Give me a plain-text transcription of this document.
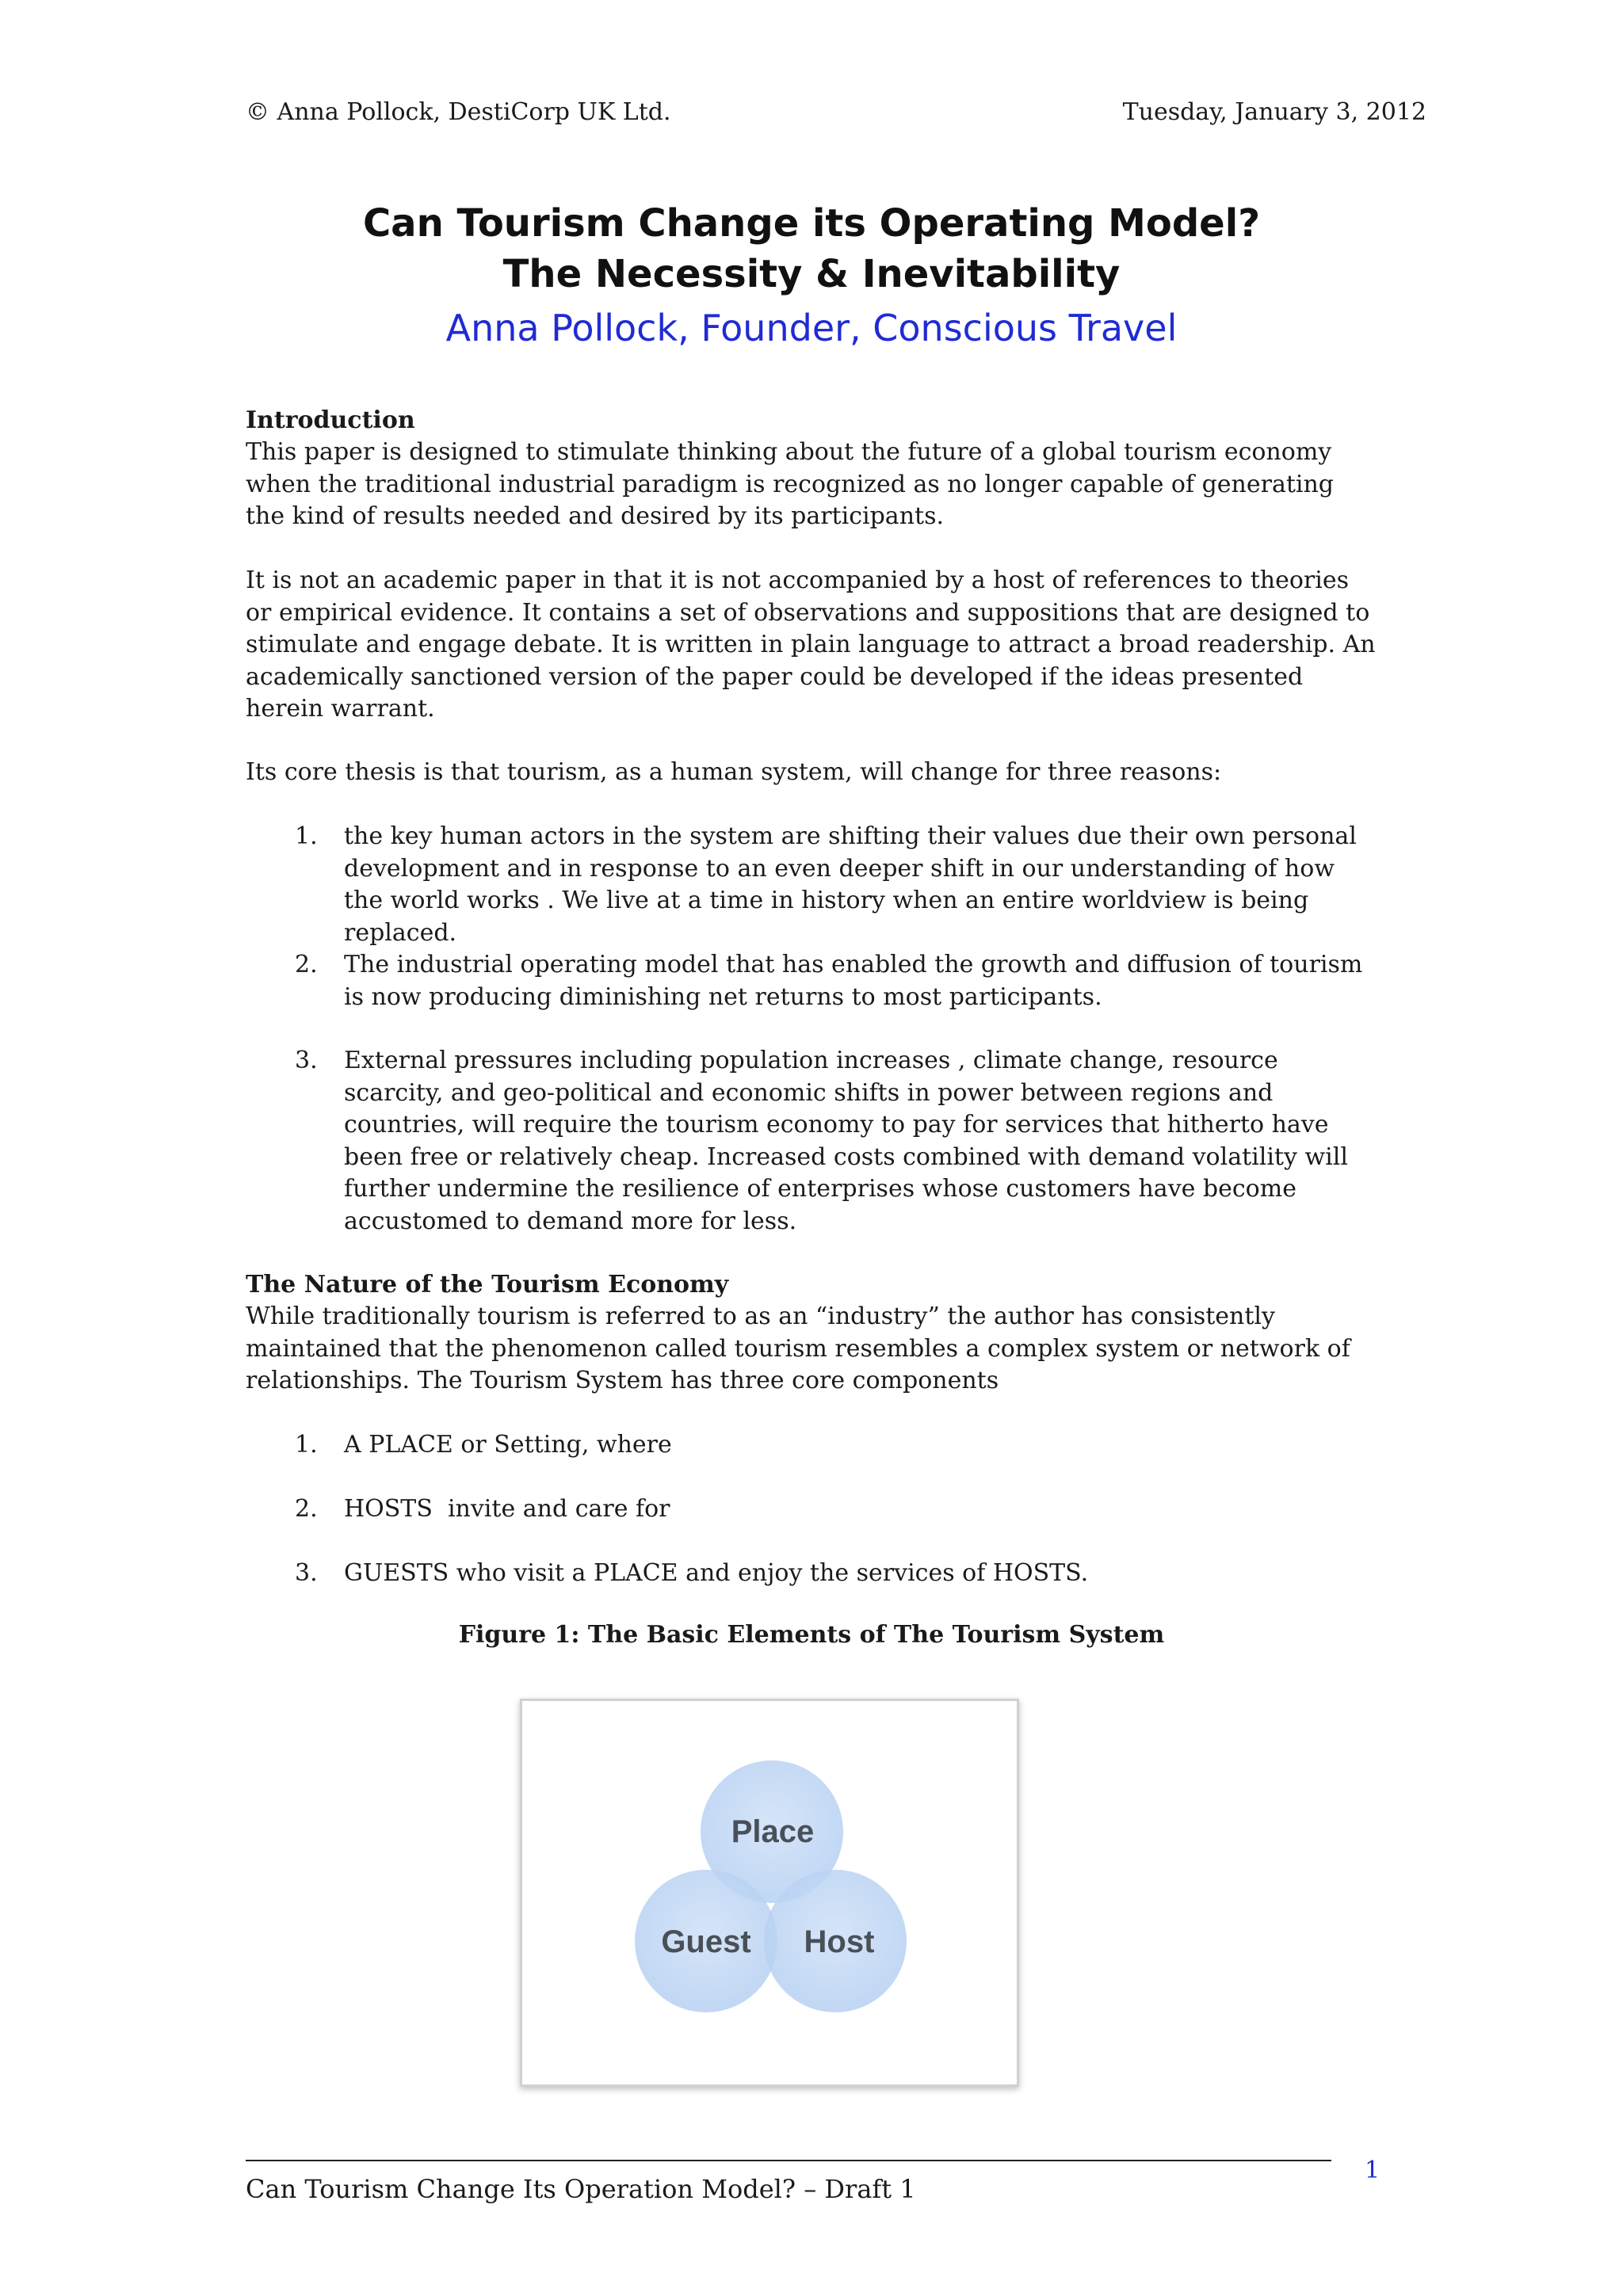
© Anna Pollock, DestiCorp UK Ltd.	Tuesday, January 3, 2012
Can Tourism Change its Operating Model?
The Necessity & Inevitability
Anna Pollock, Founder, Conscious Travel
Introduction
This paper is designed to stimulate thinking about the future of a global tourism economy when the traditional industrial paradigm is recognized as no longer capable of generating the kind of results needed and desired by its participants.
It is not an academic paper in that it is not accompanied by a host of references to theories or empirical evidence. It contains a set of observations and suppositions that are designed to stimulate and engage debate. It is written in plain language to attract a broad readership. An academically sanctioned version of the paper could be developed if the ideas presented herein warrant.
Its core thesis is that tourism, as a human system, will change for three reasons:
1. the key human actors in the system are shifting their values due their own personal development and in response to an even deeper shift in our understanding of how the world works . We live at a time in history when an entire worldview is being replaced.
2. The industrial operating model that has enabled the growth and diffusion of tourism is now producing diminishing net returns to most participants.
3. External pressures including population increases , climate change, resource scarcity, and geo-political and economic shifts in power between regions and countries, will require the tourism economy to pay for services that hitherto have been free or relatively cheap. Increased costs combined with demand volatility will further undermine the resilience of enterprises whose customers have become accustomed to demand more for less.
The Nature of the Tourism Economy
While traditionally tourism is referred to as an “industry” the author has consistently maintained that the phenomenon called tourism resembles a complex system or network of relationships. The Tourism System has three core components
1. A PLACE or Setting, where
2. HOSTS  invite and care for
3. GUESTS who visit a PLACE and enjoy the services of HOSTS.
Figure 1: The Basic Elements of The Tourism System
Place
Guest Host
Can Tourism Change Its Operation Model? – Draft 1
1
